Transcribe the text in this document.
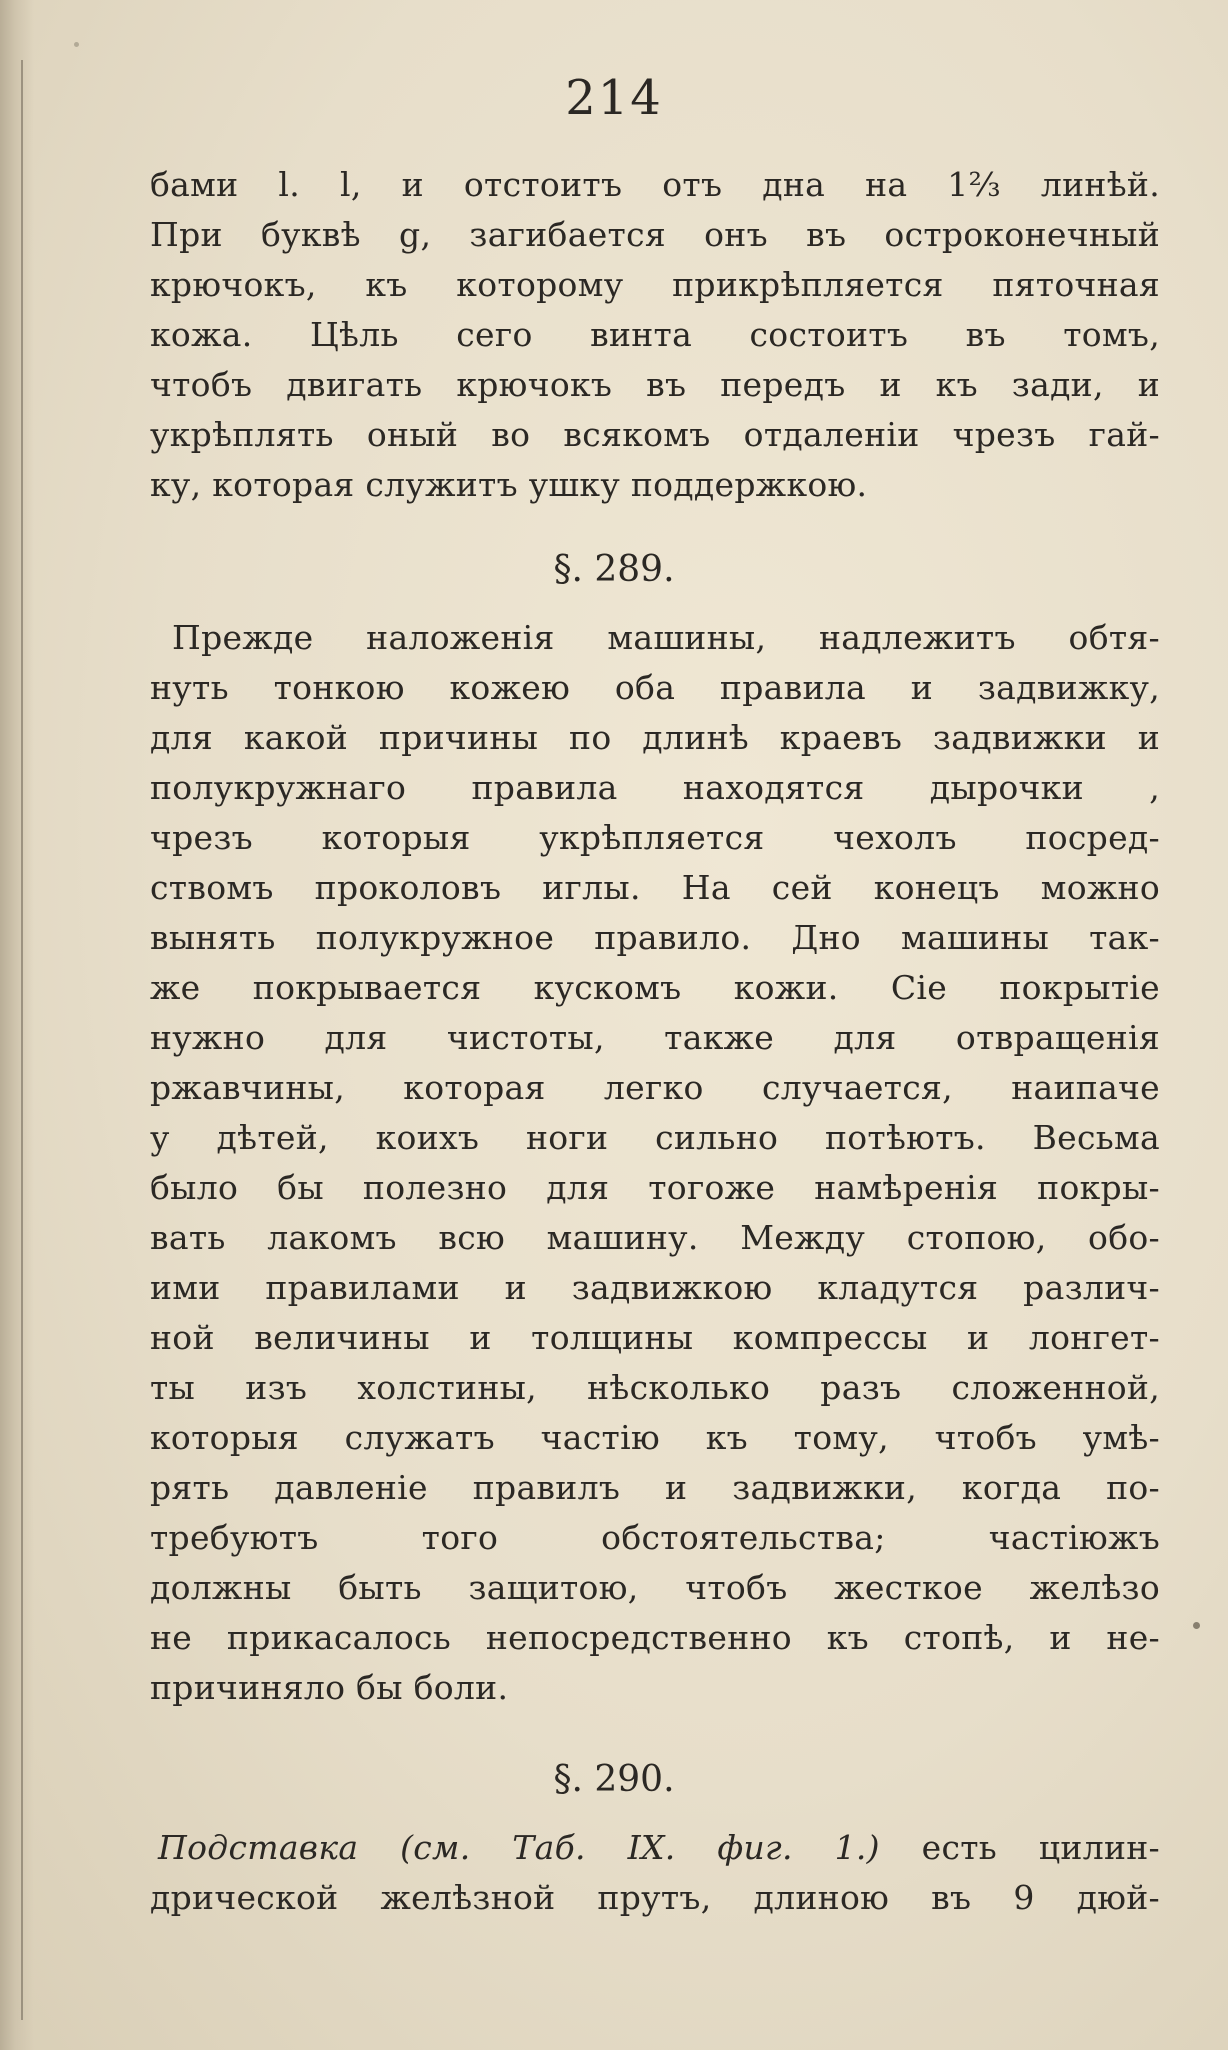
214
бами l. l, и отстоитъ отъ дна на 1⅔ линѣй.
При буквѣ g, загибается онъ въ остроконечный
крючокъ, къ которому прикрѣпляется пяточная
кожа. Цѣль сего винта состоитъ въ томъ,
чтобъ двигать крючокъ въ передъ и къ зади, и
укрѣплять оный во всякомъ отдаленіи чрезъ гай-
ку, которая служитъ ушку поддержкою.
§. 289.
Прежде наложенія машины, надлежитъ обтя-
нуть тонкою кожею оба правила и задвижку,
для какой причины по длинѣ краевъ задвижки и
полукружнаго правила находятся дырочки ,
чрезъ которыя укрѣпляется чехолъ посред-
ствомъ проколовъ иглы. На сей конецъ можно
вынять полукружное правило. Дно машины так-
же покрывается кускомъ кожи. Сіе покрытіе
нужно для чистоты, также для отвращенія
ржавчины, которая легко случается, наипаче
у дѣтей, коихъ ноги сильно потѣютъ. Весьма
было бы полезно для тогоже намѣренія покры-
вать лакомъ всю машину. Между стопою, обо-
ими правилами и задвижкою кладутся различ-
ной величины и толщины компрессы и лонгет-
ты изъ холстины, нѣсколько разъ сложенной,
которыя служатъ частію къ тому, чтобъ умѣ-
рять давленіе правилъ и задвижки, когда по-
требуютъ того обстоятельства; частіюжъ
должны быть защитою, чтобъ жесткое желѣзо
не прикасалось непосредственно къ стопѣ, и не-
причиняло бы боли.
§. 290.
Подставка (см. Таб. IX. фиг. 1.) есть цилин-
дрической желѣзной прутъ, длиною въ 9 дюй-
